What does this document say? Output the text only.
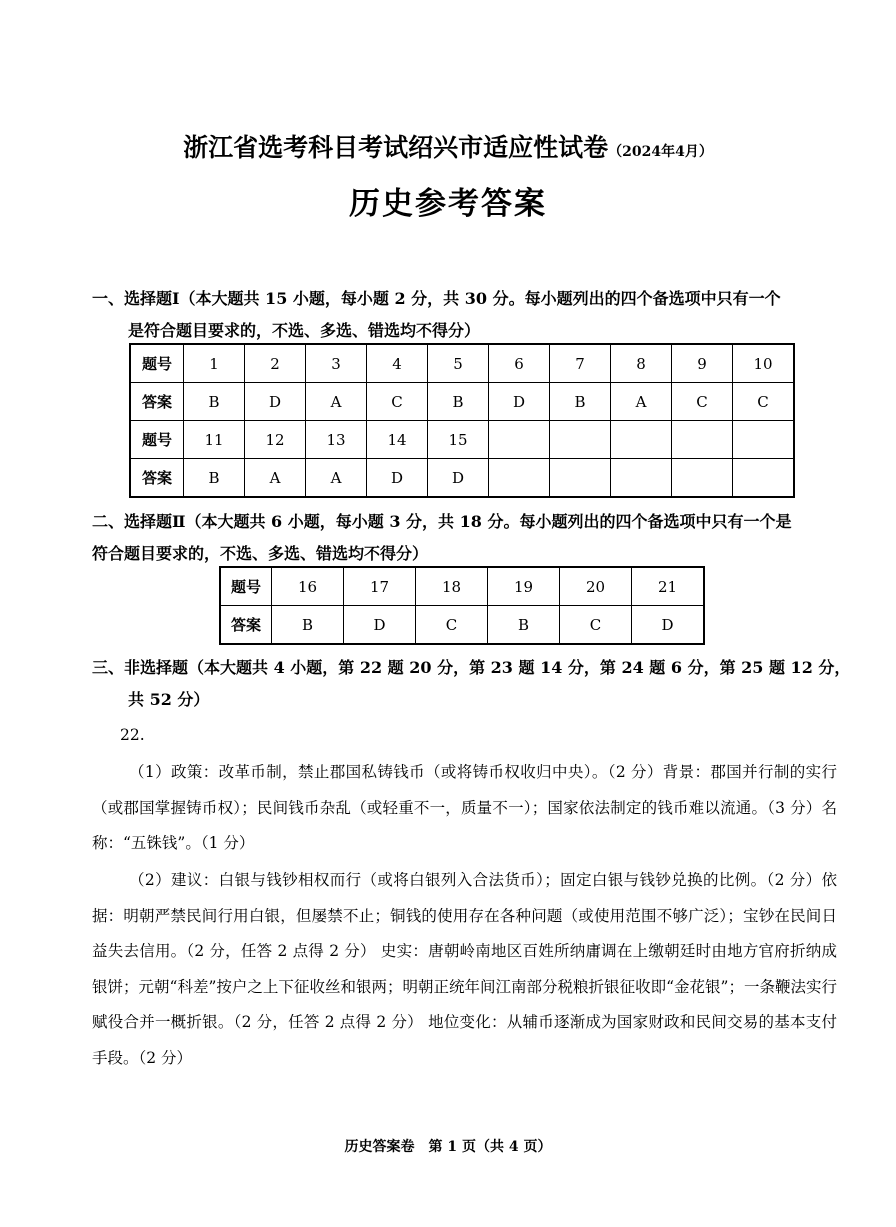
浙江省选考科目考试绍兴市适应性试卷（2024年4月）
历史参考答案
一、选择题Ⅰ（本大题共 15 小题，每小题 2 分，共 30 分。每小题列出的四个备选项中只有一个
是符合题目要求的，不选、多选、错选均不得分）
题号	1	2	3	4	5	6	7	8	9	10
答案	B	D	A	C	B	D	B	A	C	C
题号	11	12	13	14	15					
答案	B	A	A	D	D					
二、选择题Ⅱ（本大题共 6 小题，每小题 3 分，共 18 分。每小题列出的四个备选项中只有一个是
符合题目要求的，不选、多选、错选均不得分）
题号	16	17	18	19	20	21
答案	B	D	C	B	C	D
三、非选择题（本大题共 4 小题，第 22 题 20 分，第 23 题 14 分，第 24 题 6 分，第 25 题 12 分，
共 52 分）
22.
（1）政策：改革币制，禁止郡国私铸钱币（或将铸币权收归中央）。（2 分）背景：郡国并行制的实行（或郡国掌握铸币权）；民间钱币杂乱（或轻重不一，质量不一）；国家依法制定的钱币难以流通。（3 分）名称：“五铢钱”。（1 分）
（2）建议：白银与钱钞相权而行（或将白银列入合法货币）；固定白银与钱钞兑换的比例。（2 分）依据：明朝严禁民间行用白银，但屡禁不止；铜钱的使用存在各种问题（或使用范围不够广泛）；宝钞在民间日益失去信用。（2 分，任答 2 点得 2 分） 史实：唐朝岭南地区百姓所纳庸调在上缴朝廷时由地方官府折纳成银饼；元朝“科差”按户之上下征收丝和银两；明朝正统年间江南部分税粮折银征收即“金花银”；一条鞭法实行赋役合并一概折银。（2 分，任答 2 点得 2 分） 地位变化：从辅币逐渐成为国家财政和民间交易的基本支付手段。（2 分）
历史答案卷　第 1 页（共 4 页）
